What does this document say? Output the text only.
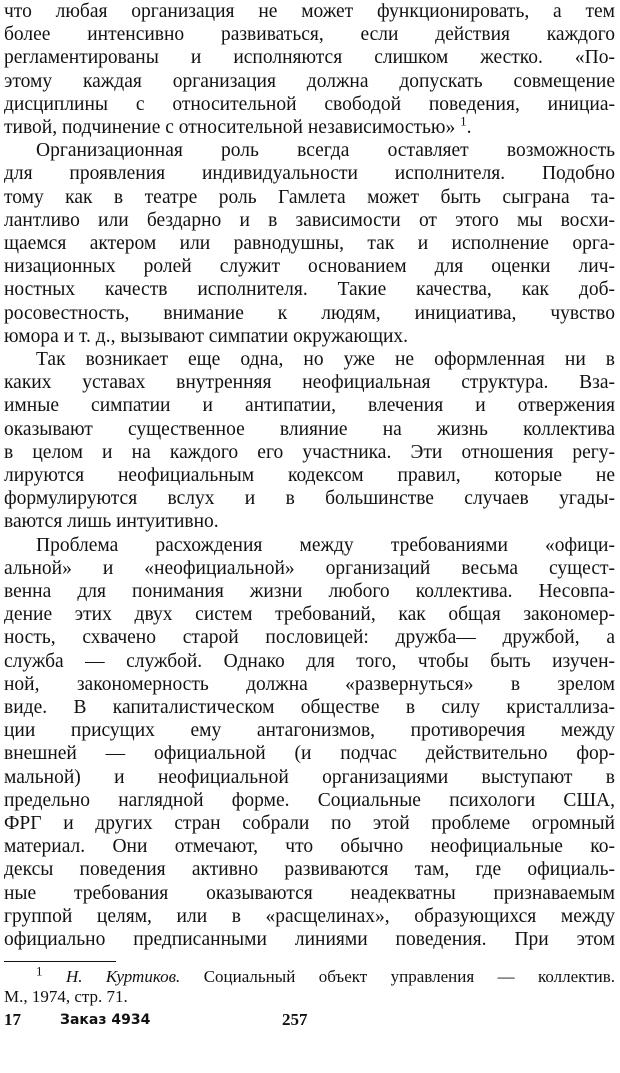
что любая организация не может функционировать, а тем
более интенсивно развиваться, если действия каждого
регламентированы и исполняются слишком жестко. «По-
этому каждая организация должна допускать совмещение
дисциплины с относительной свободой поведения, инициа-
тивой, подчинение с относительной независимостью» $^1$.
Организационная роль всегда оставляет возможность
для проявления индивидуальности исполнителя. Подобно
тому как в театре роль Гамлета может быть сыграна та-
лантливо или бездарно и в зависимости от этого мы восхи-
щаемся актером или равнодушны, так и исполнение орга-
низационных ролей служит основанием для оценки лич-
ностных качеств исполнителя. Такие качества, как доб-
росовестность, внимание к людям, инициатива, чувство
юмора и т. д., вызывают симпатии окружающих.
Так возникает еще одна, но уже не оформленная ни в
каких уставах внутренняя неофициальная структура. Вза-
имные симпатии и антипатии, влечения и отвержения
оказывают существенное влияние на жизнь коллектива
в целом и на каждого его участника. Эти отношения регу-
лируются неофициальным кодексом правил, которые не
формулируются вслух и в большинстве случаев угады-
ваются лишь интуитивно.
Проблема расхождения между требованиями «офици-
альной» и «неофициальной» организаций весьма сущест-
венна для понимания жизни любого коллектива. Несовпа-
дение этих двух систем требований, как общая закономер-
ность, схвачено старой пословицей: дружба— дружбой, а
служба — службой. Однако для того, чтобы быть изучен-
ной, закономерность должна «развернуться» в зрелом
виде. В капиталистическом обществе в силу кристаллиза-
ции присущих ему антагонизмов, противоречия между
внешней — официальной (и подчас действительно фор-
мальной) и неофициальной организациями выступают в
предельно наглядной форме. Социальные психологи США,
ФРГ и других стран собрали по этой проблеме огромный
материал. Они отмечают, что обычно неофициальные ко-
дексы поведения активно развиваются там, где официаль-
ные требования оказываются неадекватны признаваемым
группой целям, или в «расщелинах», образующихся между
официально предписанными линиями поведения. При этом
$^1$ Н. Куртиков. Социальный объект управления — коллектив.
М., 1974, стр. 71.
17	Заказ 4934	257
